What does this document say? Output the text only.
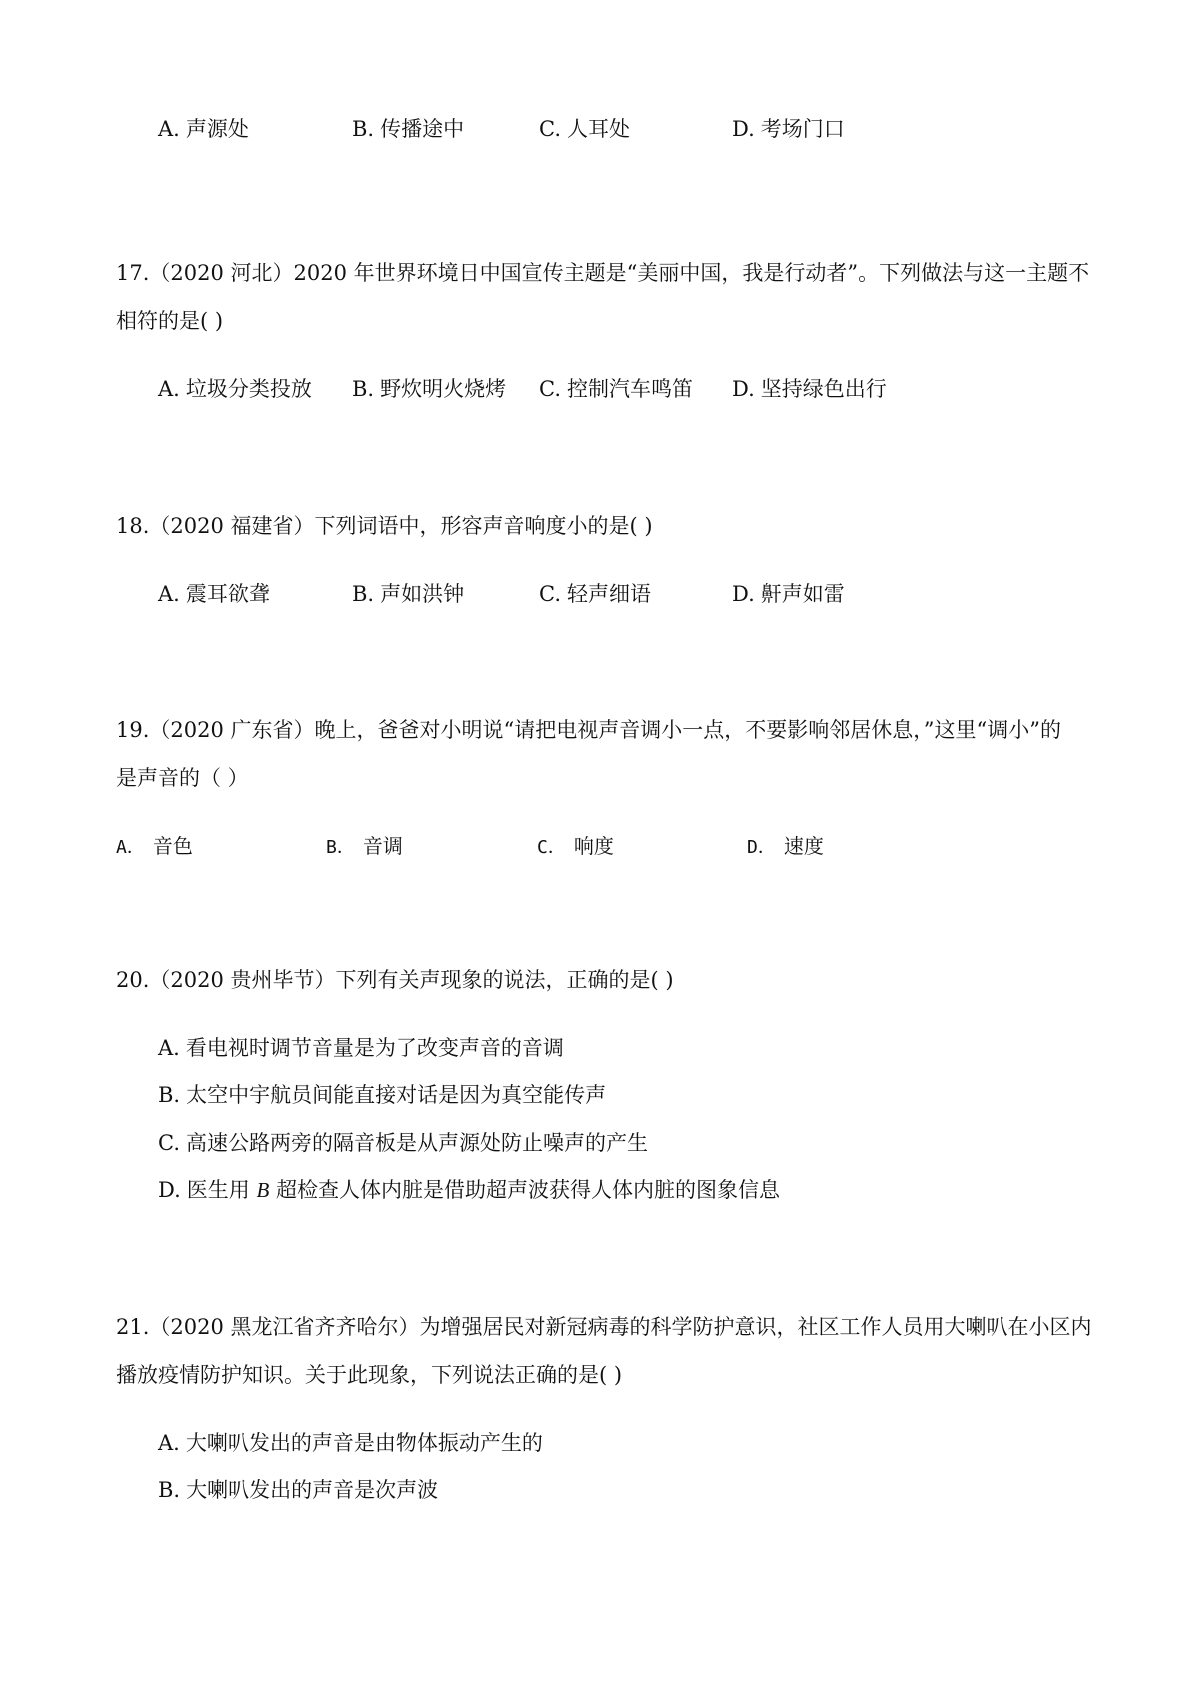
A. 声源处	B. 传播途中	C. 人耳处	D. 考场门口
17.（2020 河北）2020 年世界环境日中国宣传主题是“美丽中国，我是行动者”。下列做法与这一主题不
相符的是( )
A. 垃圾分类投放 B. 野炊明火烧烤 C. 控制汽车鸣笛 D. 坚持绿色出行
18.（2020 福建省）下列词语中，形容声音响度小的是( )
A. 震耳欲聋	B. 声如洪钟	C. 轻声细语	D. 鼾声如雷
19.（2020 广东省）晚上，爸爸对小明说“请把电视声音调小一点，不要影响邻居休息，”这里“调小”的
是声音的（ ）
A． 音色	B． 音调	C． 响度	D． 速度
20.（2020 贵州毕节）下列有关声现象的说法，正确的是( )
A. 看电视时调节音量是为了改变声音的音调
B. 太空中宇航员间能直接对话是因为真空能传声
C. 高速公路两旁的隔音板是从声源处防止噪声的产生
D. 医生用 B 超检查人体内脏是借助超声波获得人体内脏的图象信息
21.（2020 黑龙江省齐齐哈尔）为增强居民对新冠病毒的科学防护意识，社区工作人员用大喇叭在小区内
播放疫情防护知识。关于此现象，下列说法正确的是( )
A. 大喇叭发出的声音是由物体振动产生的
B. 大喇叭发出的声音是次声波
